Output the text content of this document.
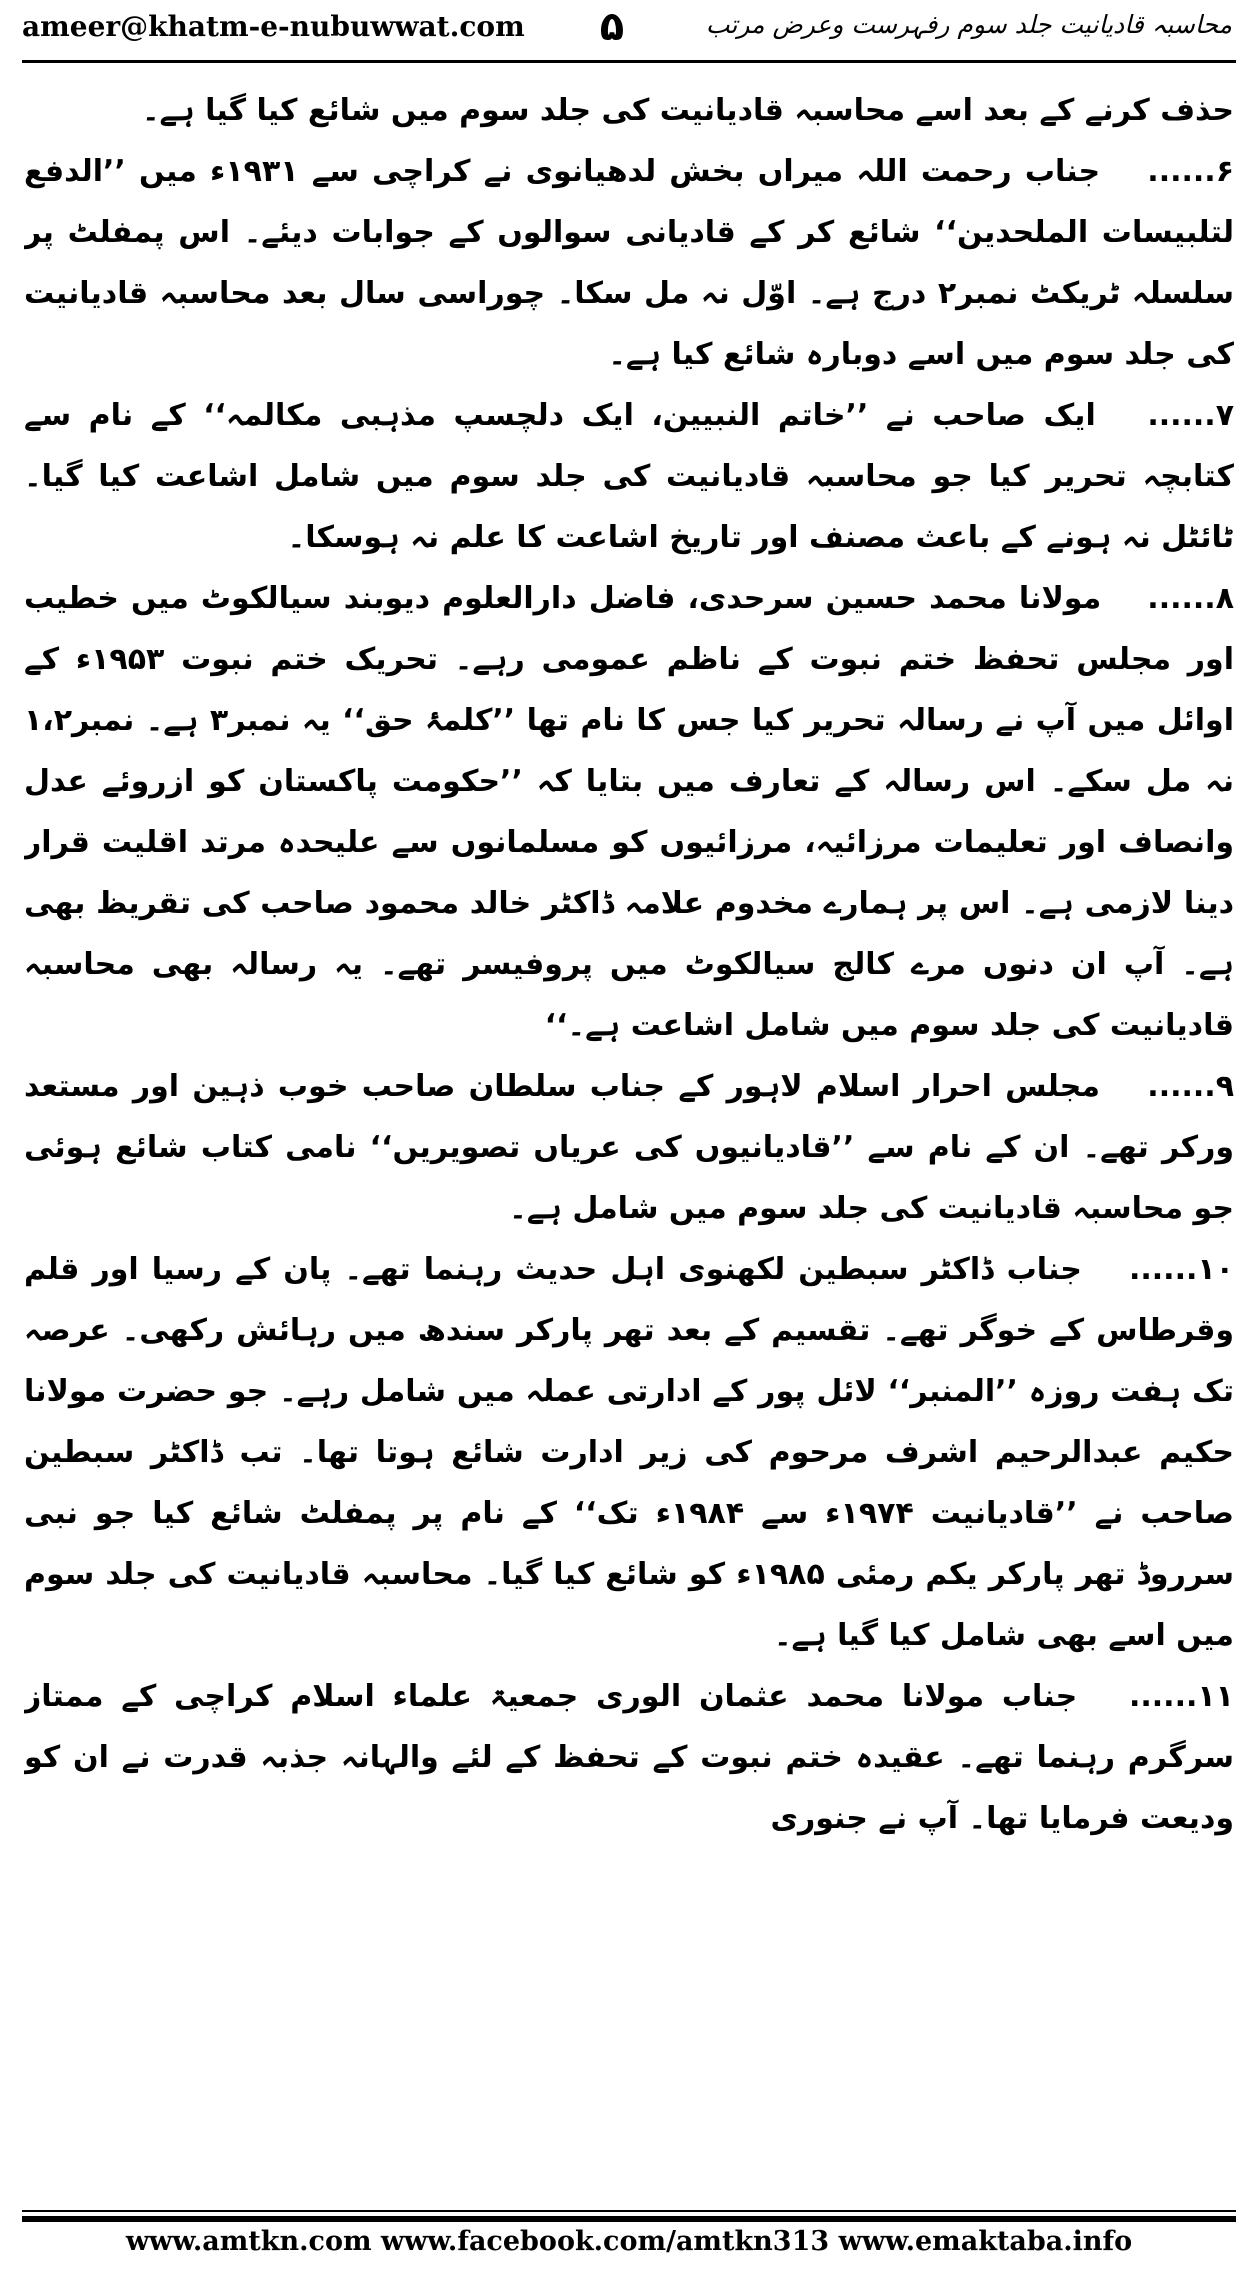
ameer@khatm-e-nubuwwat.com ۵	محاسبہ قادیانیت جلد سوم رفہرست وعرض مرتب

حذف کرنے کے بعد اسے محاسبہ قادیانیت کی جلد سوم میں شائع کیا گیا ہے۔

۶...... جناب رحمت اللہ میراں بخش لدھیانوی نے کراچی سے ۱۹۳۱ء میں ’’الدفع لتلبیسات الملحدین‘‘ شائع کر کے قادیانی سوالوں کے جوابات دیئے۔ اس پمفلٹ پر سلسلہ ٹریکٹ نمبر۲ درج ہے۔ اوّل نہ مل سکا۔ چوراسی سال بعد محاسبہ قادیانیت کی جلد سوم میں اسے دوبارہ شائع کیا ہے۔

۷...... ایک صاحب نے ’’خاتم النبیین، ایک دلچسپ مذہبی مکالمہ‘‘ کے نام سے کتابچہ تحریر کیا جو محاسبہ قادیانیت کی جلد سوم میں شامل اشاعت کیا گیا۔ ٹائٹل نہ ہونے کے باعث مصنف اور تاریخ اشاعت کا علم نہ ہوسکا۔

۸...... مولانا محمد حسین سرحدی، فاضل دارالعلوم دیوبند سیالکوٹ میں خطیب اور مجلس تحفظ ختم نبوت کے ناظم عمومی رہے۔ تحریک ختم نبوت ۱۹۵۳ء کے اوائل میں آپ نے رسالہ تحریر کیا جس کا نام تھا ’’کلمۂ حق‘‘ یہ نمبر۳ ہے۔ نمبر۱،۲ نہ مل سکے۔ اس رسالہ کے تعارف میں بتایا کہ ’’حکومت پاکستان کو ازروئے عدل وانصاف اور تعلیمات مرزائیہ، مرزائیوں کو مسلمانوں سے علیحدہ مرتد اقلیت قرار دینا لازمی ہے۔ اس پر ہمارے مخدوم علامہ ڈاکٹر خالد محمود صاحب کی تقریظ بھی ہے۔ آپ ان دنوں مرے کالج سیالکوٹ میں پروفیسر تھے۔ یہ رسالہ بھی محاسبہ قادیانیت کی جلد سوم میں شامل اشاعت ہے۔‘‘

۹...... مجلس احرار اسلام لاہور کے جناب سلطان صاحب خوب ذہین اور مستعد ورکر تھے۔ ان کے نام سے ’’قادیانیوں کی عریاں تصویریں‘‘ نامی کتاب شائع ہوئی جو محاسبہ قادیانیت کی جلد سوم میں شامل ہے۔

۱۰...... جناب ڈاکٹر سبطین لکھنوی اہل حدیث رہنما تھے۔ پان کے رسیا اور قلم وقرطاس کے خوگر تھے۔ تقسیم کے بعد تھر پارکر سندھ میں رہائش رکھی۔ عرصہ تک ہفت روزہ ’’المنبر‘‘ لائل پور کے ادارتی عملہ میں شامل رہے۔ جو حضرت مولانا حکیم عبدالرحیم اشرف مرحوم کی زیر ادارت شائع ہوتا تھا۔ تب ڈاکٹر سبطین صاحب نے ’’قادیانیت ۱۹۷۴ء سے ۱۹۸۴ء تک‘‘ کے نام پر پمفلٹ شائع کیا جو نبی سرروڈ تھر پارکر یکم رمئی ۱۹۸۵ء کو شائع کیا گیا۔ محاسبہ قادیانیت کی جلد سوم میں اسے بھی شامل کیا گیا ہے۔

۱۱...... جناب مولانا محمد عثمان الوری جمعیۃ علماء اسلام کراچی کے ممتاز سرگرم رہنما تھے۔ عقیدہ ختم نبوت کے تحفظ کے لئے والہانہ جذبہ قدرت نے ان کو ودیعت فرمایا تھا۔ آپ نے جنوری

www.amtkn.com www.facebook.com/amtkn313 www.emaktaba.info
